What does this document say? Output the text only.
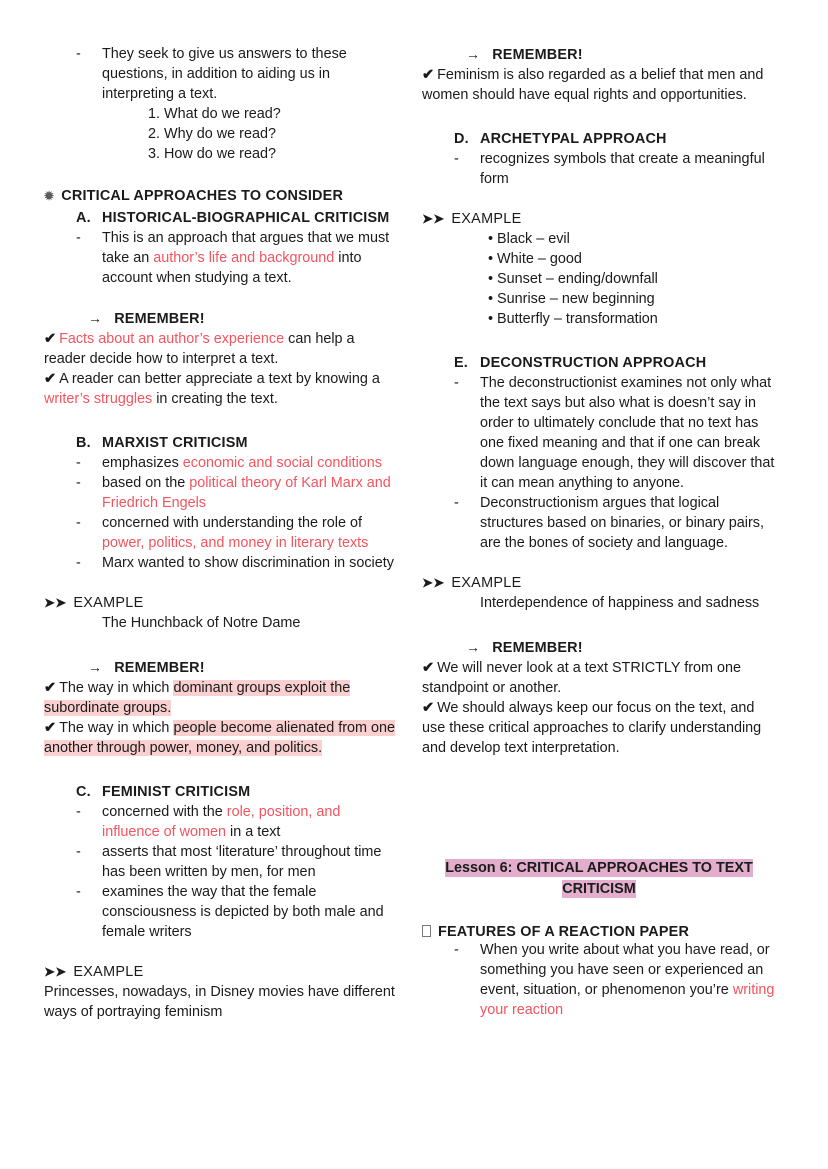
-	They seek to give us answers to these questions, in addition to aiding us in interpreting a text.
1. What do we read?
2. Why do we read?
3. How do we read?
✹ CRITICAL APPROACHES TO CONSIDER
A. HISTORICAL-BIOGRAPHICAL CRITICISM
-	This is an approach that argues that we must take an author’s life and background into account when studying a text.
→ REMEMBER!
✔ Facts about an author’s experience can help a reader decide how to interpret a text.
✔ A reader can better appreciate a text by knowing a writer’s struggles in creating the text.
B. MARXIST CRITICISM
-	emphasizes economic and social conditions
-	based on the political theory of Karl Marx and Friedrich Engels
-	concerned with understanding the role of power, politics, and money in literary texts
-	Marx wanted to show discrimination in society
➤➤ EXAMPLE
The Hunchback of Notre Dame
→ REMEMBER!
✔ The way in which dominant groups exploit the subordinate groups.
✔ The way in which people become alienated from one another through power, money, and politics.
C. FEMINIST CRITICISM
-	concerned with the role, position, and influence of women in a text
-	asserts that most ‘literature’ throughout time has been written by men, for men
-	examines the way that the female consciousness is depicted by both male and female writers
➤➤ EXAMPLE
Princesses, nowadays, in Disney movies have different ways of portraying feminism
→ REMEMBER!
✔ Feminism is also regarded as a belief that men and women should have equal rights and opportunities.
D. ARCHETYPAL APPROACH
-	recognizes symbols that create a meaningful form
➤➤ EXAMPLE
• Black – evil
• White – good
• Sunset – ending/downfall
• Sunrise – new beginning
• Butterfly – transformation
E. DECONSTRUCTION APPROACH
-	The deconstructionist examines not only what the text says but also what is doesn’t say in order to ultimately conclude that no text has one fixed meaning and that if one can break down language enough, they will discover that it can mean anything to anyone.
-	Deconstructionism argues that logical structures based on binaries, or binary pairs, are the bones of society and language.
➤➤ EXAMPLE
Interdependence of happiness and sadness
→ REMEMBER!
✔ We will never look at a text STRICTLY from one standpoint or another.
✔ We should always keep our focus on the text, and use these critical approaches to clarify understanding and develop text interpretation.
Lesson 6: CRITICAL APPROACHES TO TEXT
CRITICISM
FEATURES OF A REACTION PAPER
-	When you write about what you have read, or something you have seen or experienced an event, situation, or phenomenon you’re writing your reaction
